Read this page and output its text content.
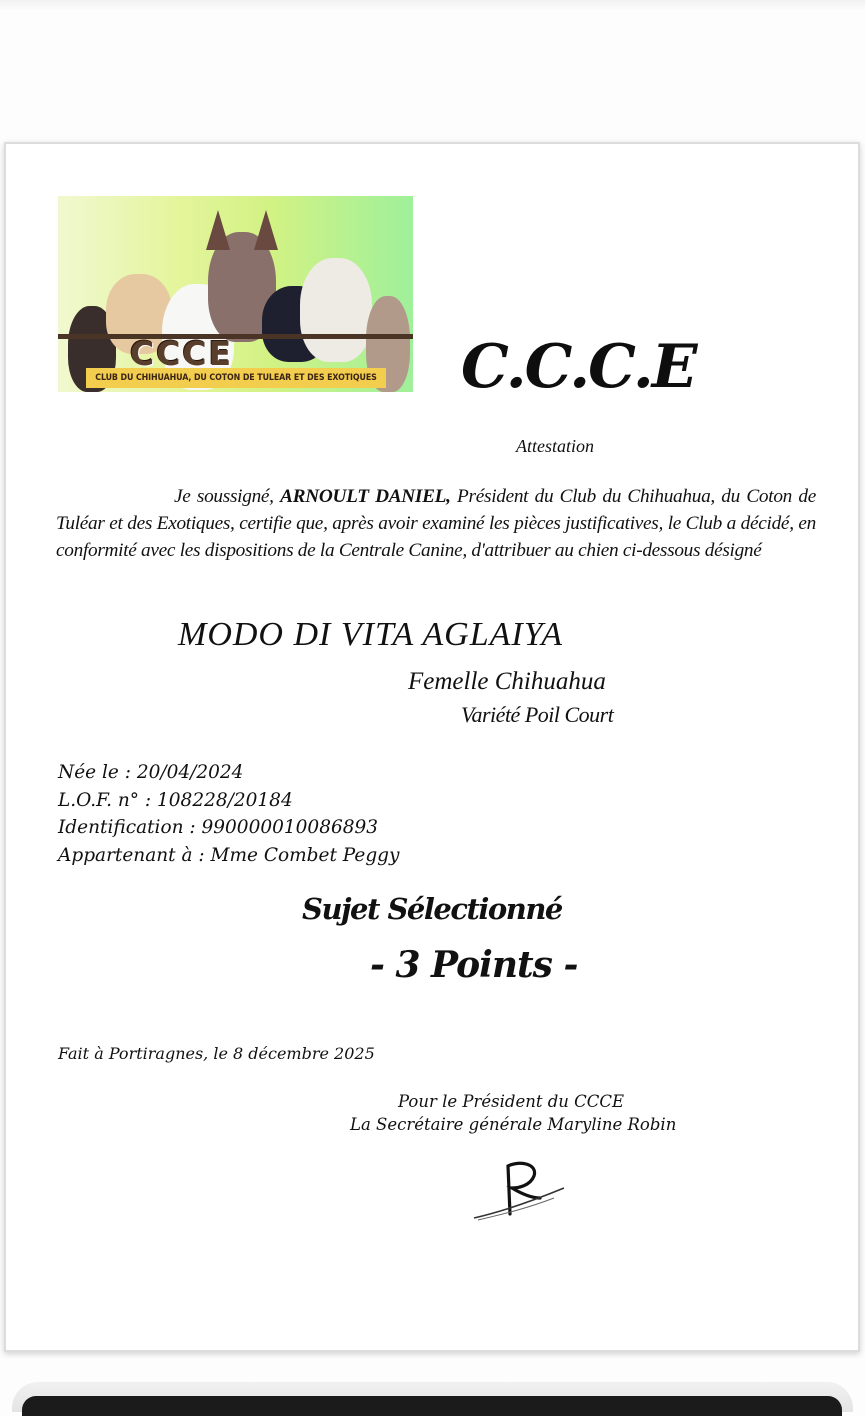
CLUB DU CHIHUAHUA, DU COTON DE TULEAR ET DES EXOTIQUES
CCCE	C.C.C.E
Attestation
Je soussigné, ARNOULT DANIEL, Président du Club du Chihuahua, du Coton de Tuléar et des Exotiques, certifie que, après avoir examiné les pièces justificatives, le Club a décidé, en conformité avec les dispositions de la Centrale Canine, d'attribuer au chien ci-dessous désigné
MODO DI VITA AGLAIYA
Femelle Chihuahua
Variété Poil Court
Née le : 20/04/2024
L.O.F. n° : 108228/20184
Identification : 990000010086893
Appartenant à : Mme Combet Peggy
Sujet Sélectionné
- 3 Points -
Fait à Portiragnes, le 8 décembre 2025
Pour le Président du CCCE
La Secrétaire générale Maryline Robin
